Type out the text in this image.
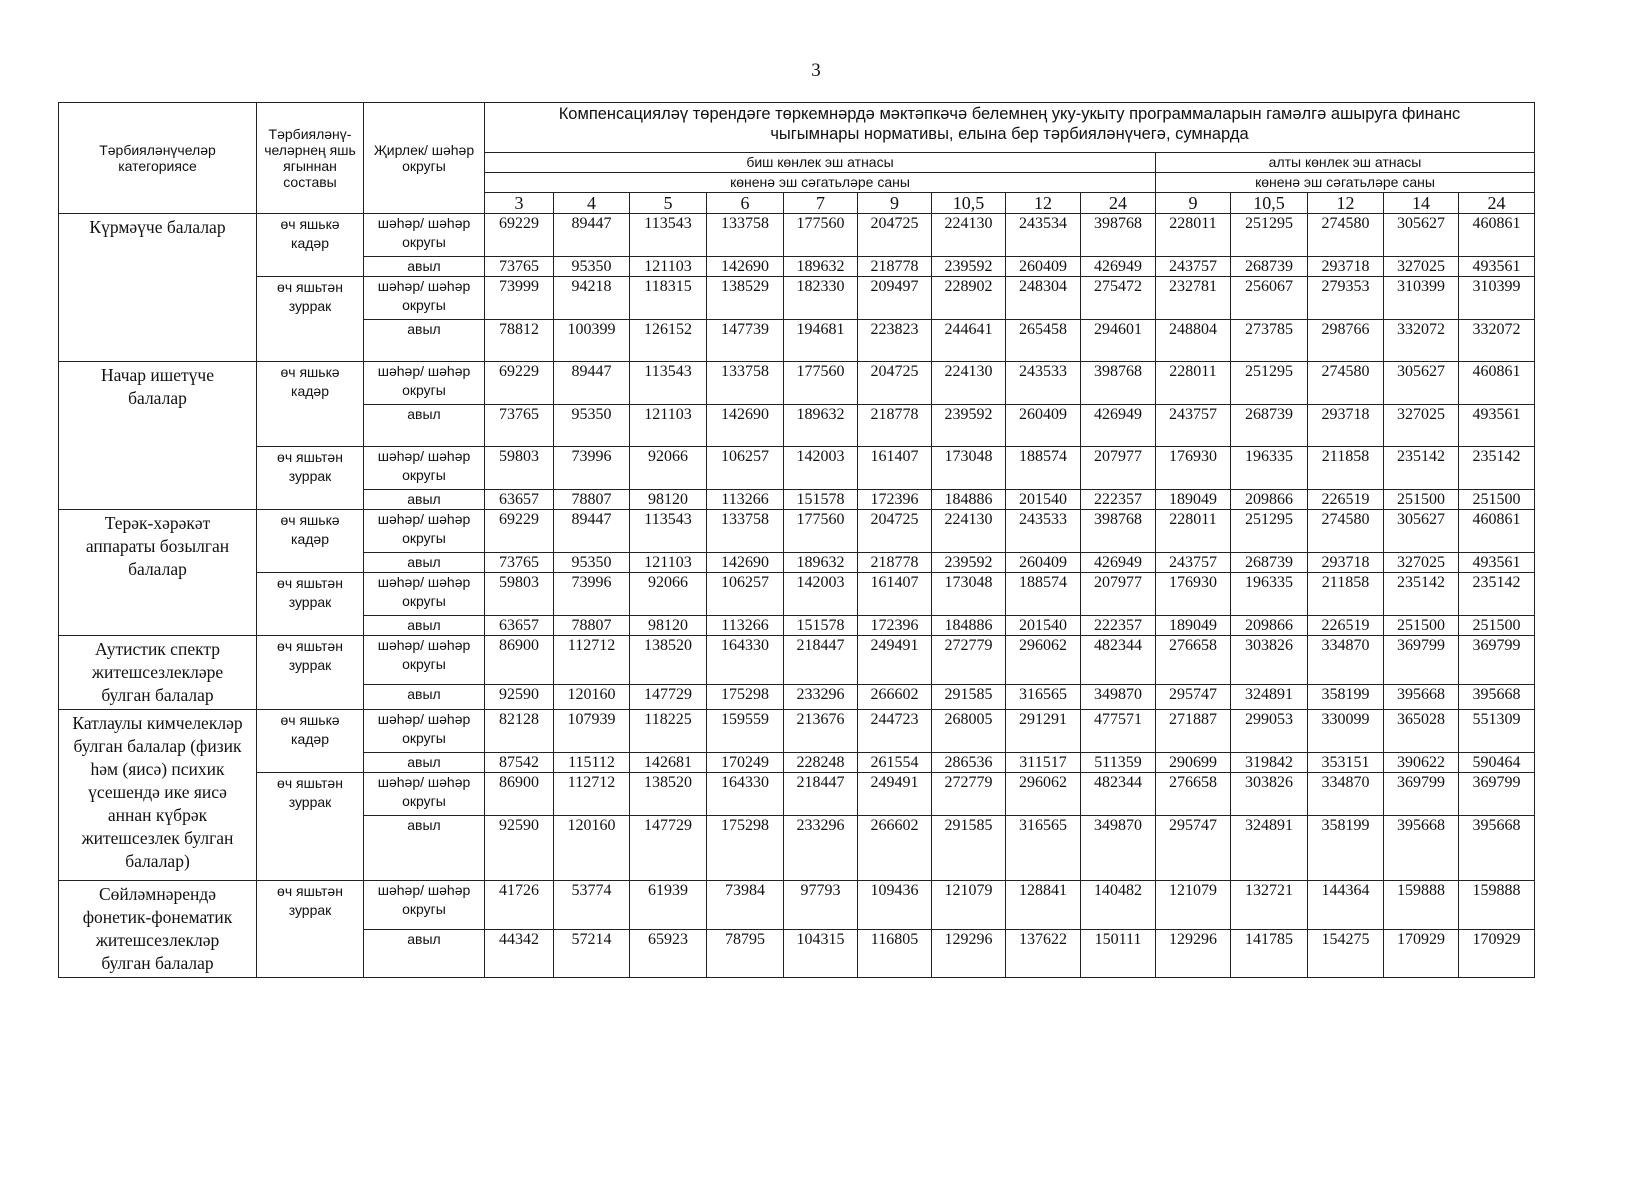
3
Тәрбияләнүчеләр категориясе	Тәрбияләнү-челәрнең яшь ягыннан составы	Җирлек/ шәһәр округы	Компенсацияләү төрендәге төркемнәрдә мәктәпкәчә белемнең уку-укыту программаларын гамәлгә ашыруга финанс чыгымнары нормативы, елына бер тәрбияләнүчегә, сумнарда													
			биш көнлек эш атнасы									алты көнлек эш атнасы				
			көненә эш сәгатьләре саны									көненә эш сәгатьләре саны				
			3	4	5	6	7	9	10,5	12	24	9	10,5	12	14	24
Күрмәүче балалар	өч яшькә кадәр	шәһәр/ шәһәр округы	69229	89447	113543	133758	177560	204725	224130	243534	398768	228011	251295	274580	305627	460861
		авыл	73765	95350	121103	142690	189632	218778	239592	260409	426949	243757	268739	293718	327025	493561
	өч яшьтән зуррак	шәһәр/ шәһәр округы	73999	94218	118315	138529	182330	209497	228902	248304	275472	232781	256067	279353	310399	310399
		авыл	78812	100399	126152	147739	194681	223823	244641	265458	294601	248804	273785	298766	332072	332072
Начар ишетүче балалар	өч яшькә кадәр	шәһәр/ шәһәр округы	69229	89447	113543	133758	177560	204725	224130	243533	398768	228011	251295	274580	305627	460861
		авыл	73765	95350	121103	142690	189632	218778	239592	260409	426949	243757	268739	293718	327025	493561
	өч яшьтән зуррак	шәһәр/ шәһәр округы	59803	73996	92066	106257	142003	161407	173048	188574	207977	176930	196335	211858	235142	235142
		авыл	63657	78807	98120	113266	151578	172396	184886	201540	222357	189049	209866	226519	251500	251500
Терәк-хәрәкәт аппараты бозылган балалар	өч яшькә кадәр	шәһәр/ шәһәр округы	69229	89447	113543	133758	177560	204725	224130	243533	398768	228011	251295	274580	305627	460861
		авыл	73765	95350	121103	142690	189632	218778	239592	260409	426949	243757	268739	293718	327025	493561
	өч яшьтән зуррак	шәһәр/ шәһәр округы	59803	73996	92066	106257	142003	161407	173048	188574	207977	176930	196335	211858	235142	235142
		авыл	63657	78807	98120	113266	151578	172396	184886	201540	222357	189049	209866	226519	251500	251500
Аутистик спектр житешсезлекләре булган балалар	өч яшьтән зуррак	шәһәр/ шәһәр округы	86900	112712	138520	164330	218447	249491	272779	296062	482344	276658	303826	334870	369799	369799
		авыл	92590	120160	147729	175298	233296	266602	291585	316565	349870	295747	324891	358199	395668	395668
Катлаулы кимчелекләр булган балалар (физик һәм (яисә) психик үсешендә ике яисә аннан күбрәк житешсезлек булган балалар)	өч яшькә кадәр	шәһәр/ шәһәр округы	82128	107939	118225	159559	213676	244723	268005	291291	477571	271887	299053	330099	365028	551309
		авыл	87542	115112	142681	170249	228248	261554	286536	311517	511359	290699	319842	353151	390622	590464
	өч яшьтән зуррак	шәһәр/ шәһәр округы	86900	112712	138520	164330	218447	249491	272779	296062	482344	276658	303826	334870	369799	369799
		авыл	92590	120160	147729	175298	233296	266602	291585	316565	349870	295747	324891	358199	395668	395668
Сөйләмнәрендә фонетик-фонематик житешсезлекләр булган балалар	өч яшьтән зуррак	шәһәр/ шәһәр округы	41726	53774	61939	73984	97793	109436	121079	128841	140482	121079	132721	144364	159888	159888
		авыл	44342	57214	65923	78795	104315	116805	129296	137622	150111	129296	141785	154275	170929	170929
